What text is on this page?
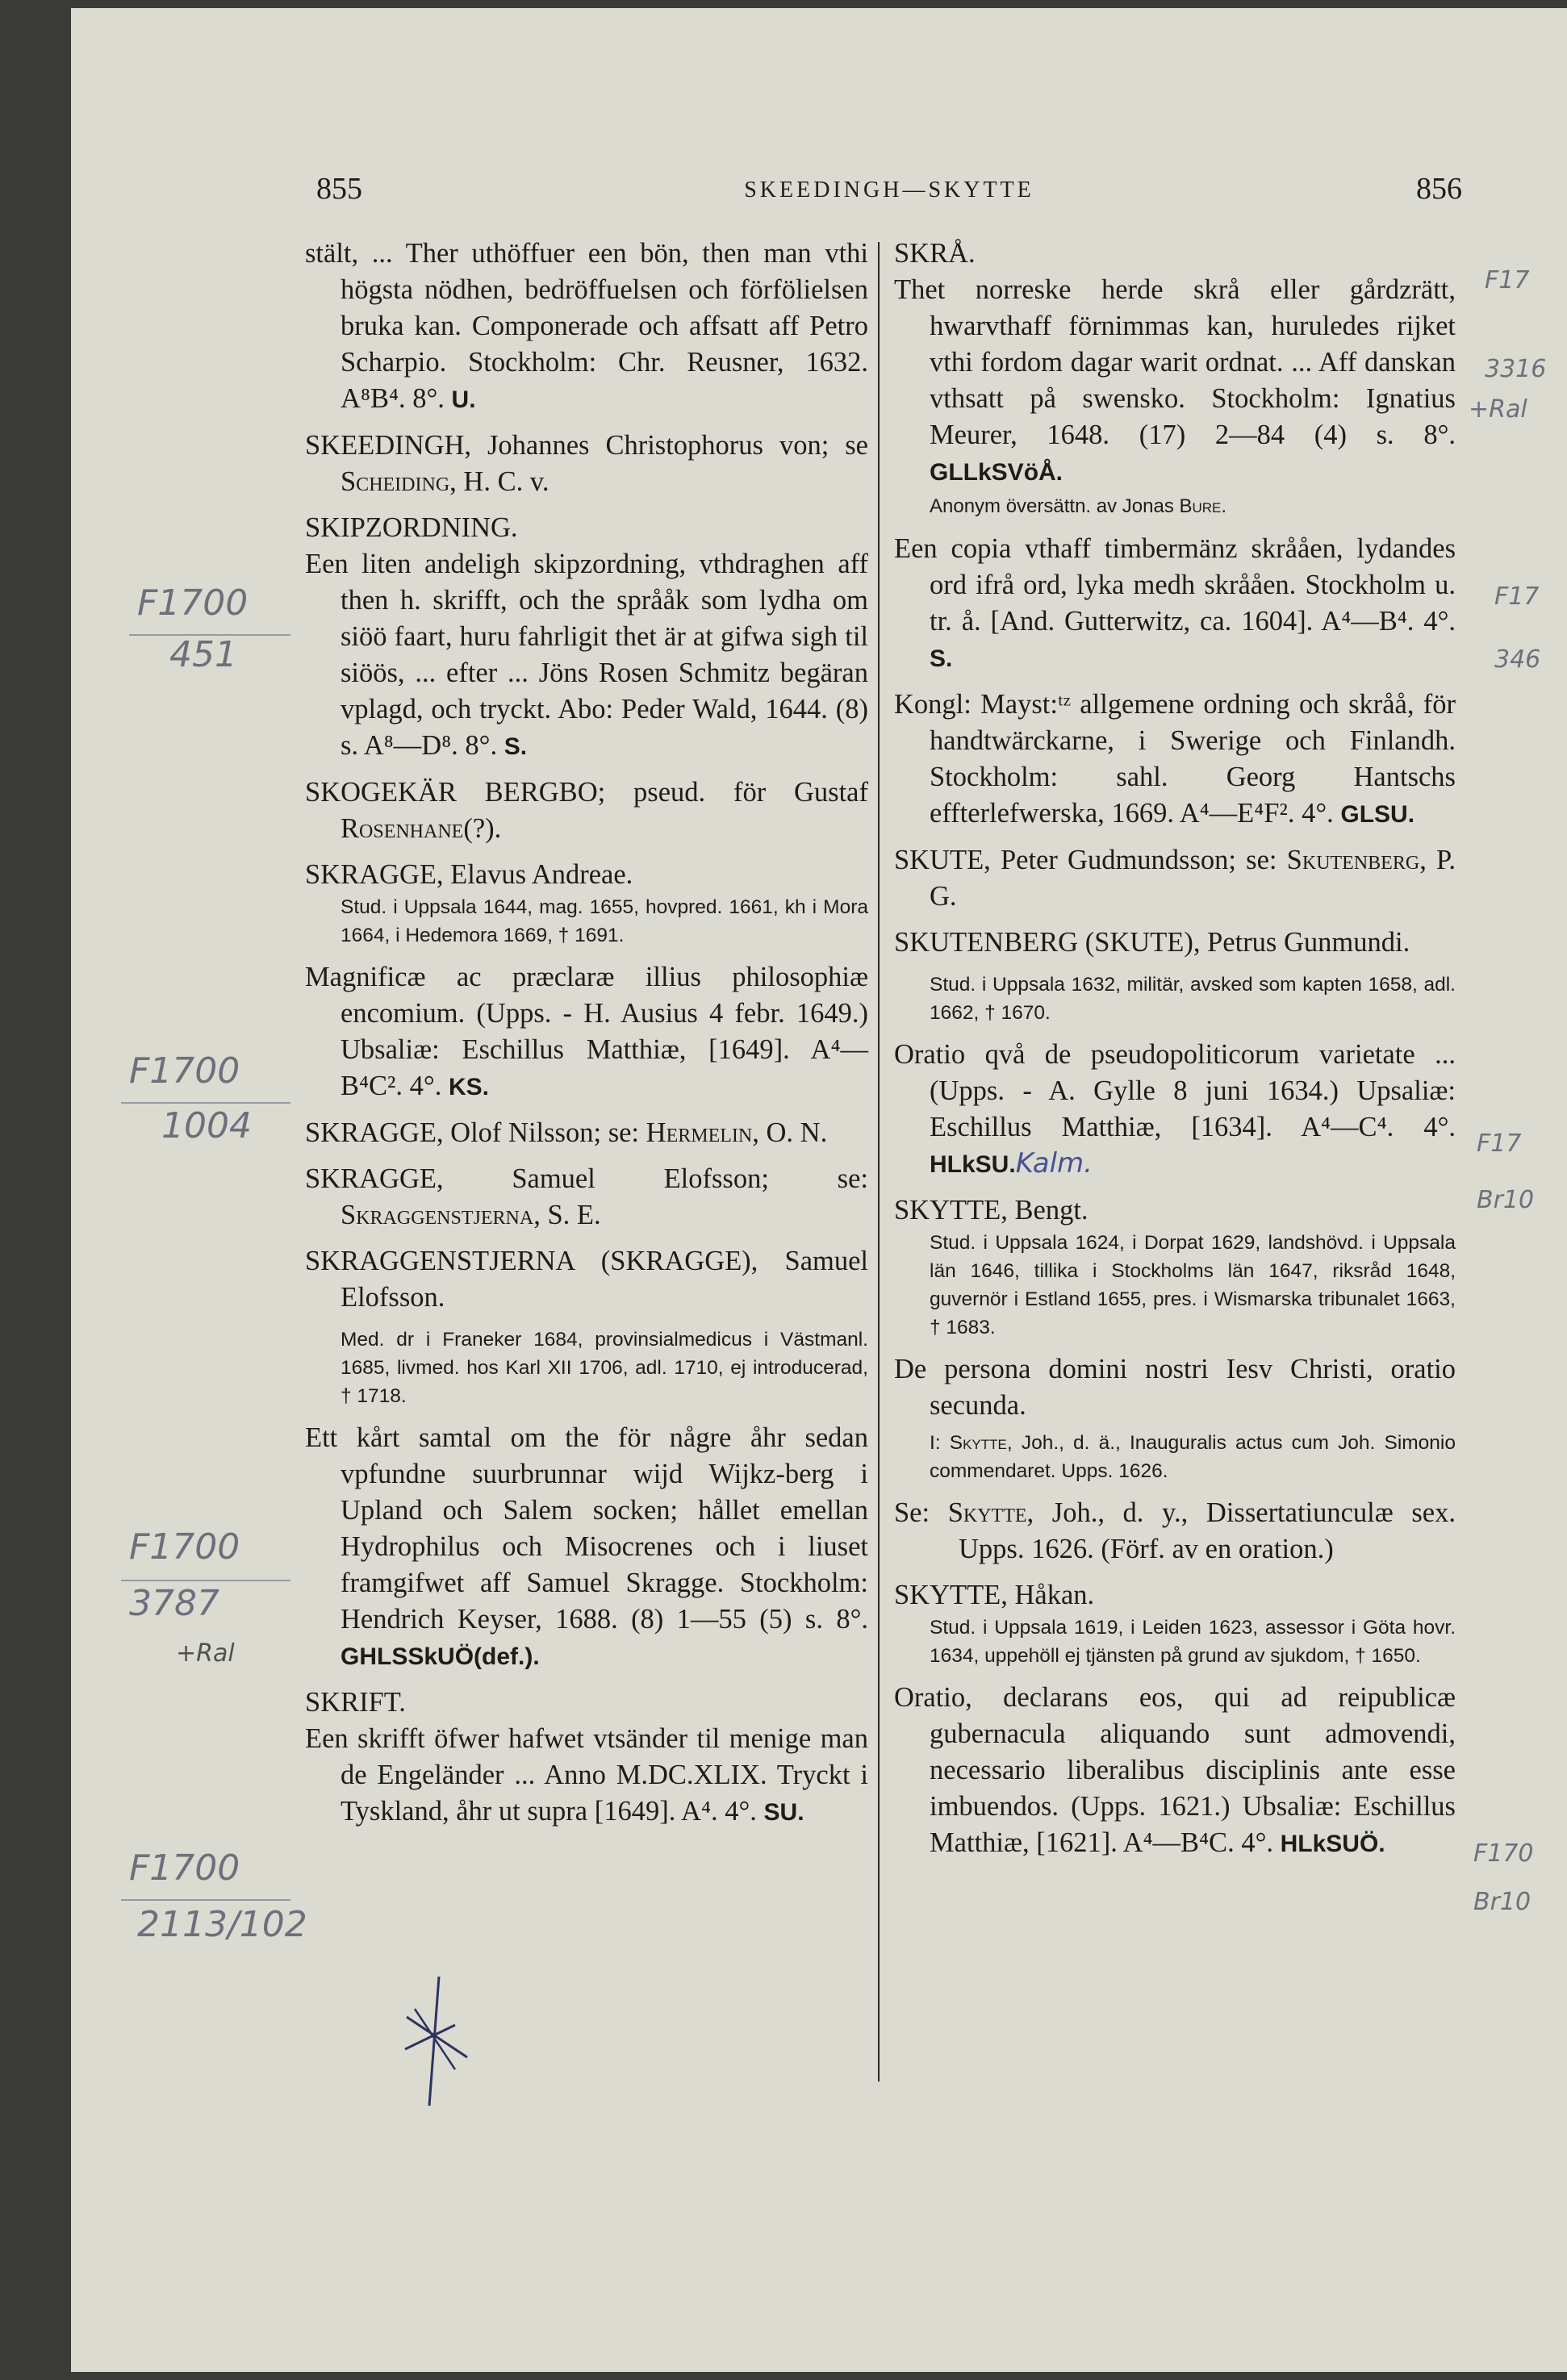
855	SKEEDINGH—SKYTTE	856

stält, ... Ther uthöffuer een bön, then man vthi högsta nödhen, bedröffuelsen och förfölielsen bruka kan. Componerade och affsatt aff Petro Scharpio. Stockholm: Chr. Reusner, 1632. A⁸B⁴. 8°. U.

SKEEDINGH, Johannes Christophorus von; se Scheiding, H. C. v.

SKIPZORDNING.

Een liten andeligh skipzordning, vthdraghen aff then h. skrifft, och the språåk som lydha om siöö faart, huru fahrligit thet är at gifwa sigh til siöös, ... efter ... Jöns Rosen Schmitz begäran vplagd, och tryckt. Abo: Peder Wald, 1644. (8) s. A⁸—D⁸. 8°. S.

SKOGEKÄR BERGBO; pseud. för Gustaf Rosenhane(?).

SKRAGGE, Elavus Andreae.

Stud. i Uppsala 1644, mag. 1655, hovpred. 1661, kh i Mora 1664, i Hedemora 1669, † 1691.

Magnificæ ac præclaræ illius philosophiæ encomium. (Upps. - H. Ausius 4 febr. 1649.) Ubsaliæ: Eschillus Matthiæ, [1649]. A⁴—B⁴C². 4°. KS.

SKRAGGE, Olof Nilsson; se: Hermelin, O. N.

SKRAGGE, Samuel Elofsson; se: Skraggenstjerna, S. E.

SKRAGGENSTJERNA (SKRAGGE), Samuel Elofsson.

Med. dr i Franeker 1684, provinsialmedicus i Västmanl. 1685, livmed. hos Karl XII 1706, adl. 1710, ej introducerad, † 1718.

Ett kårt samtal om the för någre åhr sedan vpfundne suurbrunnar wijd Wijkz-berg i Upland och Salem socken; hållet emellan Hydrophilus och Misocrenes och i liuset framgifwet aff Samuel Skragge. Stockholm: Hendrich Keyser, 1688. (8) 1—55 (5) s. 8°. GHLSSkUÖ(def.).

SKRIFT.

Een skrifft öfwer hafwet vtsänder til menige man de Engeländer ... Anno M.DC.XLIX. Tryckt i Tyskland, åhr ut supra [1649]. A⁴. 4°. SU.

SKRÅ.

Thet norreske herde skrå eller gårdzrätt, hwarvthaff förnimmas kan, huruledes rijket vthi fordom dagar warit ordnat. ... Aff danskan vthsatt på swensko. Stockholm: Ignatius Meurer, 1648. (17) 2—84 (4) s. 8°. GLLkSVöÅ.

Anonym översättn. av Jonas Bure.

Een copia vthaff timbermänz skrååen, lydandes ord ifrå ord, lyka medh skrååen. Stockholm u. tr. å. [And. Gutterwitz, ca. 1604]. A⁴—B⁴. 4°. S.

Kongl: Mayst:ᵗᶻ allgemene ordning och skråå, för handtwärckarne, i Swerige och Finlandh. Stockholm: sahl. Georg Hantschs effterlefwerska, 1669. A⁴—E⁴F². 4°. GLSU.

SKUTE, Peter Gudmundsson; se: Skutenberg, P. G.

SKUTENBERG (SKUTE), Petrus Gunmundi.

Stud. i Uppsala 1632, militär, avsked som kapten 1658, adl. 1662, † 1670.

Oratio qvå de pseudopoliticorum varietate ... (Upps. - A. Gylle 8 juni 1634.) Upsaliæ: Eschillus Matthiæ, [1634]. A⁴—C⁴. 4°. HLkSU.Kalm.

SKYTTE, Bengt.

Stud. i Uppsala 1624, i Dorpat 1629, landshövd. i Uppsala län 1646, tillika i Stockholms län 1647, riksråd 1648, guvernör i Estland 1655, pres. i Wismarska tribunalet 1663, † 1683.

De persona domini nostri Iesv Christi, oratio secunda.

I: Skytte, Joh., d. ä., Inauguralis actus cum Joh. Simonio commendaret. Upps. 1626.

Se: Skytte, Joh., d. y., Dissertatiunculæ sex. Upps. 1626. (Förf. av en oration.)

SKYTTE, Håkan.

Stud. i Uppsala 1619, i Leiden 1623, assessor i Göta hovr. 1634, uppehöll ej tjänsten på grund av sjukdom, † 1650.

Oratio, declarans eos, qui ad reipublicæ gubernacula aliquando sunt admovendi, necessario liberalibus disciplinis ante esse imbuendos. (Upps. 1621.) Ubsaliæ: Eschillus Matthiæ, [1621]. A⁴—B⁴C. 4°. HLkSUÖ.

F1700
451
F1700
1004
F1700
3787
+Ral
F1700
2113/102
F17
3316
+Ral
F17
346
F17
Br10
F170
Br10
